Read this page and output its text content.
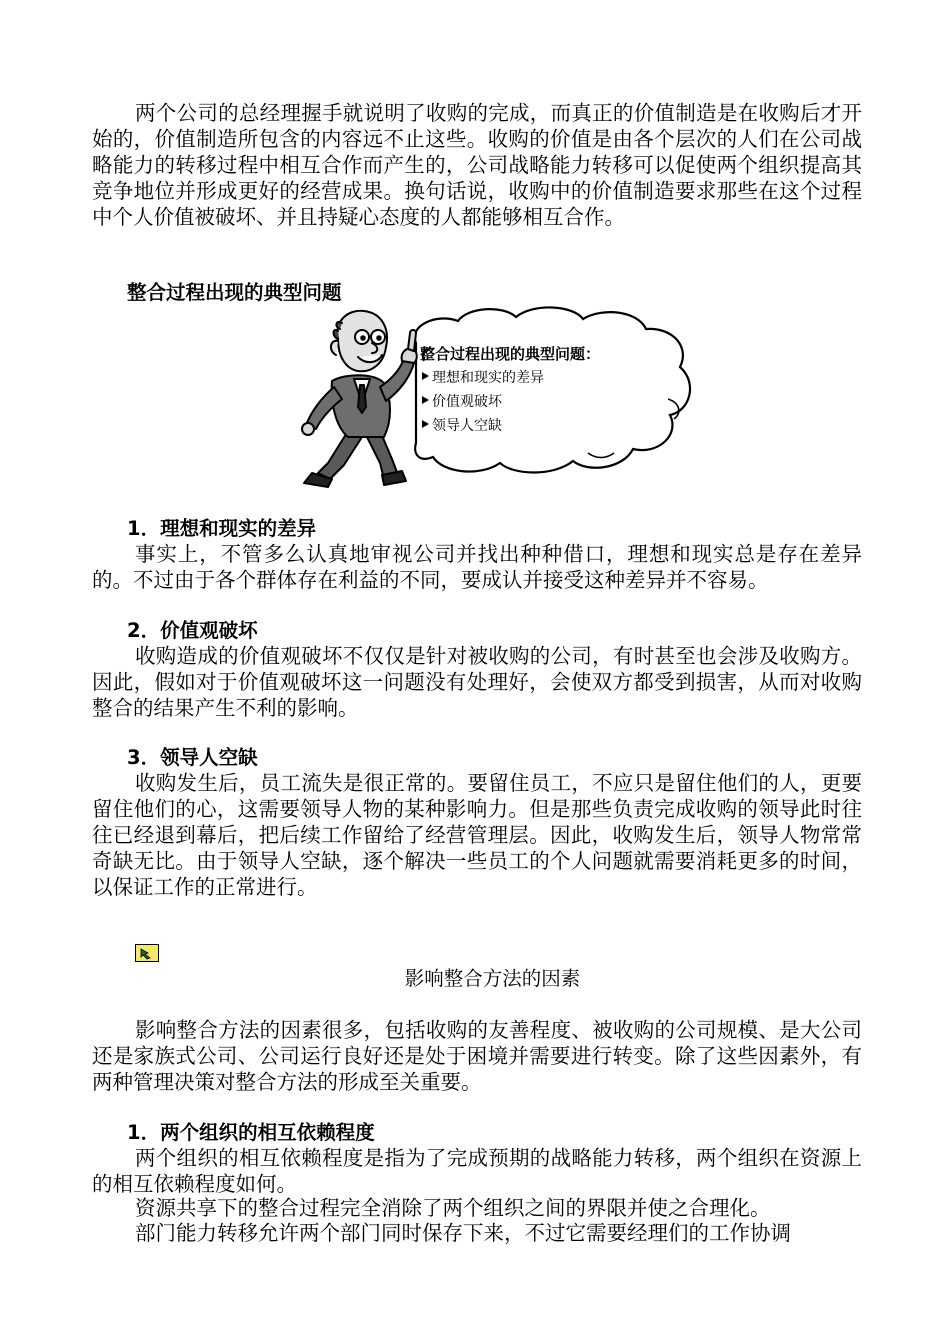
两个公司的总经理握手就说明了收购的完成，而真正的价值制造是在收购后才开始的，价值制造所包含的内容远不止这些。收购的价值是由各个层次的人们在公司战略能力的转移过程中相互合作而产生的，公司战略能力转移可以促使两个组织提高其竞争地位并形成更好的经营成果。换句话说，收购中的价值制造要求那些在这个过程中个人价值被破坏、并且持疑心态度的人都能够相互合作。

整合过程出现的典型问题

整合过程出现的典型问题：
理想和现实的差异
价值观破坏
领导人空缺

1．理想和现实的差异

事实上，不管多么认真地审视公司并找出种种借口，理想和现实总是存在差异的。不过由于各个群体存在利益的不同，要成认并接受这种差异并不容易。

2．价值观破坏

收购造成的价值观破坏不仅仅是针对被收购的公司，有时甚至也会涉及收购方。因此，假如对于价值观破坏这一问题没有处理好，会使双方都受到损害，从而对收购整合的结果产生不利的影响。

3．领导人空缺

收购发生后，员工流失是很正常的。要留住员工，不应只是留住他们的人，更要留住他们的心，这需要领导人物的某种影响力。但是那些负责完成收购的领导此时往往已经退到幕后，把后续工作留给了经营管理层。因此，收购发生后，领导人物常常奇缺无比。由于领导人空缺，逐个解决一些员工的个人问题就需要消耗更多的时间，以保证工作的正常进行。

影响整合方法的因素

影响整合方法的因素很多，包括收购的友善程度、被收购的公司规模、是大公司还是家族式公司、公司运行良好还是处于困境并需要进行转变。除了这些因素外，有两种管理决策对整合方法的形成至关重要。

1．两个组织的相互依赖程度

两个组织的相互依赖程度是指为了完成预期的战略能力转移，两个组织在资源上的相互依赖程度如何。

资源共享下的整合过程完全消除了两个组织之间的界限并使之合理化。

部门能力转移允许两个部门同时保存下来，不过它需要经理们的工作协调
